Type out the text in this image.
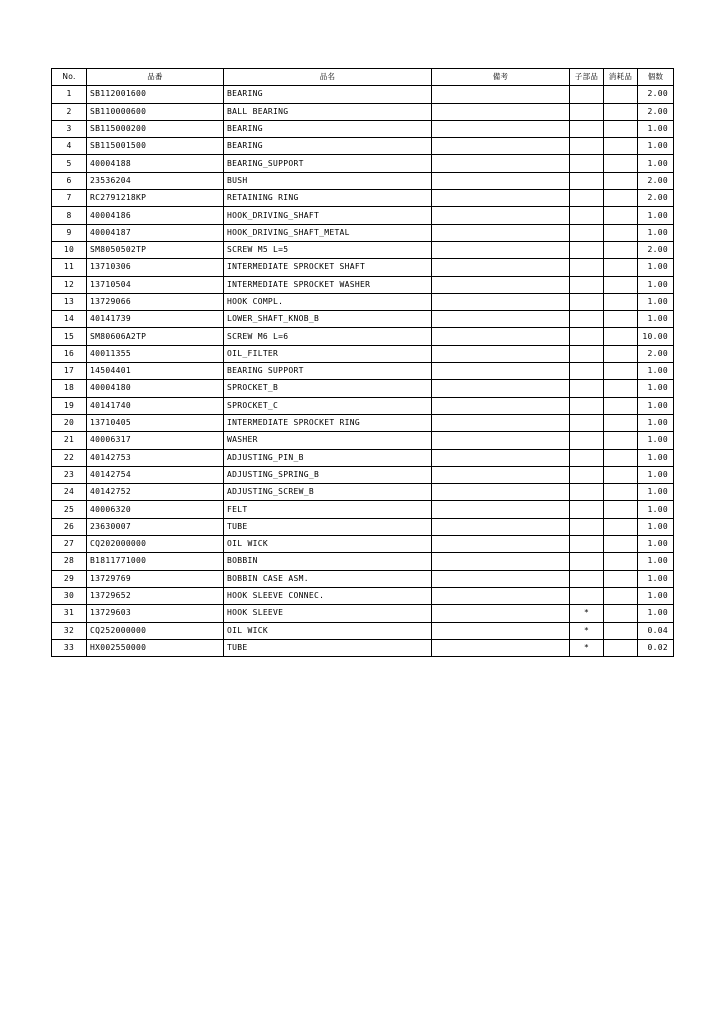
No.	品番	品名	備考	子部品	消耗品	個数
1	SB112001600	BEARING				2.00
2	SB110000600	BALL BEARING				2.00
3	SB115000200	BEARING				1.00
4	SB115001500	BEARING				1.00
5	40004188	BEARING_SUPPORT				1.00
6	23536204	BUSH				2.00
7	RC2791218KP	RETAINING RING				2.00
8	40004186	HOOK_DRIVING_SHAFT				1.00
9	40004187	HOOK_DRIVING_SHAFT_METAL				1.00
10	SM8050502TP	SCREW M5 L=5				2.00
11	13710306	INTERMEDIATE SPROCKET SHAFT				1.00
12	13710504	INTERMEDIATE SPROCKET WASHER				1.00
13	13729066	HOOK COMPL.				1.00
14	40141739	LOWER_SHAFT_KNOB_B				1.00
15	SM80606A2TP	SCREW M6 L=6				10.00
16	40011355	OIL_FILTER				2.00
17	14504401	BEARING SUPPORT				1.00
18	40004180	SPROCKET_B				1.00
19	40141740	SPROCKET_C				1.00
20	13710405	INTERMEDIATE SPROCKET RING				1.00
21	40006317	WASHER				1.00
22	40142753	ADJUSTING_PIN_B				1.00
23	40142754	ADJUSTING_SPRING_B				1.00
24	40142752	ADJUSTING_SCREW_B				1.00
25	40006320	FELT				1.00
26	23630007	TUBE				1.00
27	CQ202000000	OIL WICK				1.00
28	B1811771000	BOBBIN				1.00
29	13729769	BOBBIN CASE ASM.				1.00
30	13729652	HOOK SLEEVE CONNEC.				1.00
31	13729603	HOOK SLEEVE		*		1.00
32	CQ252000000	OIL WICK		*		0.04
33	HX002550000	TUBE		*		0.02
